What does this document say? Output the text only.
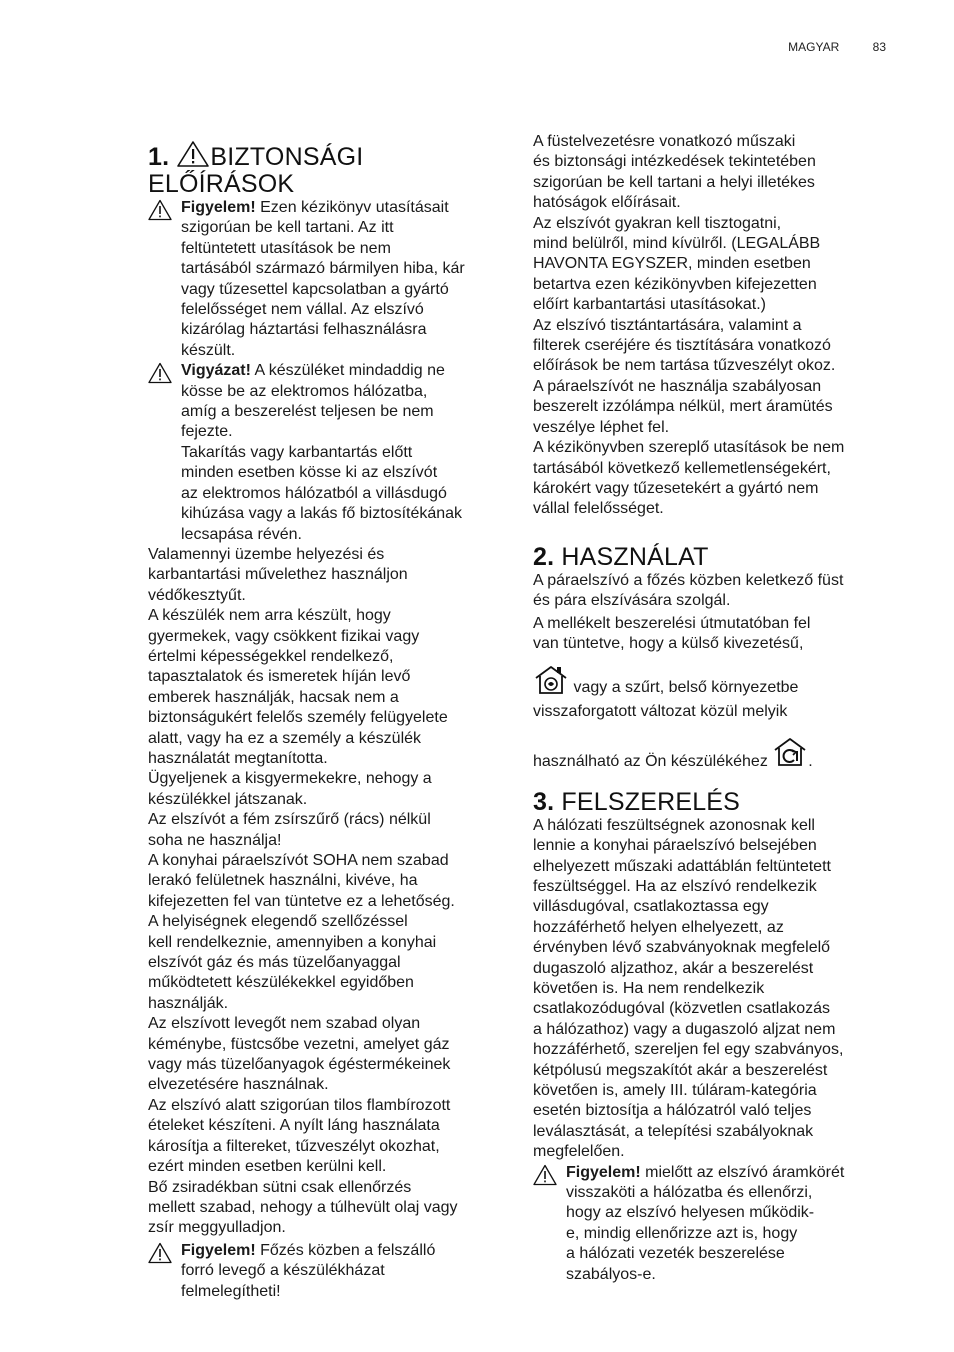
MAGYAR	83
1. BIZTONSÁGI
ELŐÍRÁSOK

Figyelem! Ezen kézikönyv utasításait
szigorúan be kell tartani. Az itt
feltüntetett utasítások be nem
tartásából származó bármilyen hiba, kár
vagy tűzesettel kapcsolatban a gyártó
felelősséget nem vállal. Az elszívó
kizárólag háztartási felhasználásra
készült.

Vigyázat! A készüléket mindaddig ne
kösse be az elektromos hálózatba,
amíg a beszerelést teljesen be nem
fejezte.

Takarítás vagy karbantartás előtt
minden esetben kösse ki az elszívót
az elektromos hálózatból a villásdugó
kihúzása vagy a lakás fő biztosítékának
lecsapása révén.

Valamennyi üzembe helyezési és
karbantartási művelethez használjon
védőkesztyűt.

A készülék nem arra készült, hogy
gyermekek, vagy csökkent fizikai vagy
értelmi képességekkel rendelkező,
tapasztalatok és ismeretek híján levő
emberek használják, hacsak nem a
biztonságukért felelős személy felügyelete
alatt, vagy ha ez a személy a készülék
használatát megtanította.

Ügyeljenek a kisgyermekekre, nehogy a
készülékkel játszanak.

Az elszívót a fém zsírszűrő (rács) nélkül
soha ne használja!

A konyhai páraelszívót SOHA nem szabad
lerakó felületnek használni, kivéve, ha
kifejezetten fel van tüntetve ez a lehetőség.

A helyiségnek elegendő szellőzéssel
kell rendelkeznie, amennyiben a konyhai
elszívót gáz és más tüzelőanyaggal
működtetett készülékekkel egyidőben
használják.

Az elszívott levegőt nem szabad olyan
kéménybe, füstcsőbe vezetni, amelyet gáz
vagy más tüzelőanyagok égéstermékeinek
elvezetésére használnak.

Az elszívó alatt szigorúan tilos flambírozott
ételeket készíteni. A nyílt láng használata
károsítja a filtereket, tűzveszélyt okozhat,
ezért minden esetben kerülni kell.

Bő zsiradékban sütni csak ellenőrzés
mellett szabad, nehogy a túlhevült olaj vagy
zsír meggyulladjon.

Figyelem! Főzés közben a felszálló
forró levegő a készülékházat
felmelegítheti!

A füstelvezetésre vonatkozó műszaki
és biztonsági intézkedések tekintetében
szigorúan be kell tartani a helyi illetékes
hatóságok előírásait.

Az elszívót gyakran kell tisztogatni,
mind belülről, mind kívülről. (LEGALÁBB
HAVONTA EGYSZER, minden esetben
betartva ezen kézikönyvben kifejezetten
előírt karbantartási utasításokat.)

Az elszívó tisztántartására, valamint a
filterek cseréjére és tisztítására vonatkozó
előírások be nem tartása tűzveszélyt okoz.

A páraelszívót ne használja szabályosan
beszerelt izzólámpa nélkül, mert áramütés
veszélye léphet fel.

A kézikönyvben szereplő utasítások be nem
tartásából következő kellemetlenségekért,
károkért vagy tűzesetekért a gyártó nem
vállal felelősséget.

2. HASZNÁLAT

A páraelszívó a főzés közben keletkező füst
és pára elszívására szolgál.

A mellékelt beszerelési útmutatóban fel
van tüntetve, hogy a külső kivezetésű,

vagy a szűrt, belső környezetbe
visszaforgatott változat közül melyik
használható az Ön készülékéhez .
3. FELSZERELÉS

A hálózati feszültségnek azonosnak kell
lennie a konyhai páraelszívó belsejében
elhelyezett műszaki adattáblán feltüntetett
feszültséggel. Ha az elszívó rendelkezik
villásdugóval, csatlakoztassa egy
hozzáférhető helyen elhelyezett, az
érvényben lévő szabványoknak megfelelő
dugaszoló aljzathoz, akár a beszerelést
követően is. Ha nem rendelkezik
csatlakozódugóval (közvetlen csatlakozás
a hálózathoz) vagy a dugaszoló aljzat nem
hozzáférhető, szereljen fel egy szabványos,
kétpólusú megszakítót akár a beszerelést
követően is, amely III. túláram-kategória
esetén biztosítja a hálózatról való teljes
leválasztását, a telepítési szabályoknak
megfelelően.

Figyelem! mielőtt az elszívó áramkörét
visszaköti a hálózatba és ellenőrzi,
hogy az elszívó helyesen működik-
e, mindig ellenőrizze azt is, hogy
a hálózati vezeték beszerelése
szabályos-e.
